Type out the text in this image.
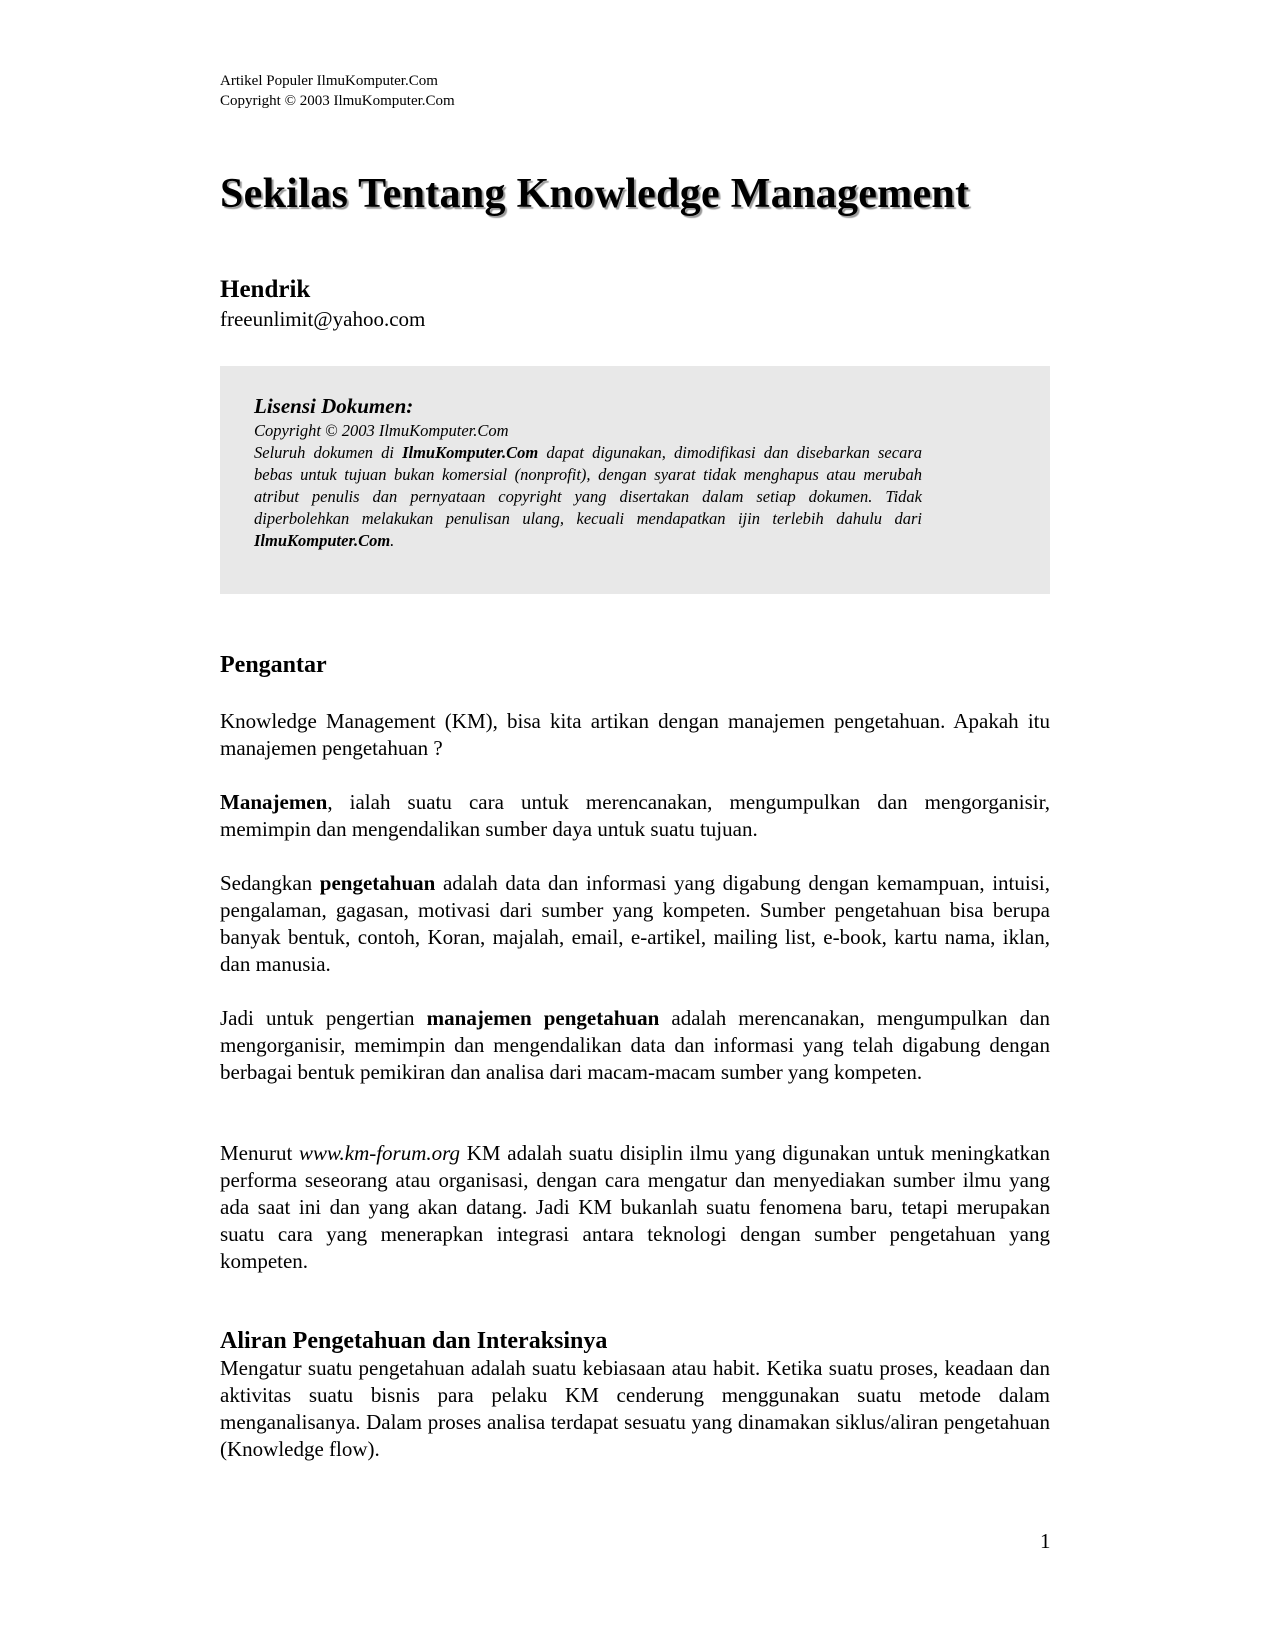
Artikel Populer IlmuKomputer.Com
Copyright © 2003 IlmuKomputer.Com
Sekilas Tentang Knowledge Management
Hendrik
freeunlimit@yahoo.com
Lisensi Dokumen:
Copyright © 2003 IlmuKomputer.Com
Seluruh dokumen di IlmuKomputer.Com dapat digunakan, dimodifikasi dan disebarkan secara bebas untuk tujuan bukan komersial (nonprofit), dengan syarat tidak menghapus atau merubah atribut penulis dan pernyataan copyright yang disertakan dalam setiap dokumen. Tidak diperbolehkan melakukan penulisan ulang, kecuali mendapatkan ijin terlebih dahulu dari IlmuKomputer.Com.
Pengantar

Knowledge Management (KM), bisa kita artikan dengan manajemen pengetahuan. Apakah itu manajemen pengetahuan ?

Manajemen, ialah suatu cara untuk merencanakan, mengumpulkan dan mengorganisir, memimpin dan mengendalikan sumber daya untuk suatu tujuan.

Sedangkan pengetahuan adalah data dan informasi yang digabung dengan kemampuan, intuisi, pengalaman, gagasan, motivasi dari sumber yang kompeten. Sumber pengetahuan bisa berupa banyak bentuk, contoh, Koran, majalah, email, e-artikel, mailing list, e-book, kartu nama, iklan, dan manusia.

Jadi untuk pengertian manajemen pengetahuan adalah merencanakan, mengumpulkan dan mengorganisir, memimpin dan mengendalikan data dan informasi yang telah digabung dengan berbagai bentuk pemikiran dan analisa dari macam-macam sumber yang kompeten.

Menurut www.km-forum.org KM adalah suatu disiplin ilmu yang digunakan untuk meningkatkan performa seseorang atau organisasi, dengan cara mengatur dan menyediakan sumber ilmu yang ada saat ini dan yang akan datang. Jadi KM bukanlah suatu fenomena baru, tetapi merupakan suatu cara yang menerapkan integrasi antara teknologi dengan sumber pengetahuan yang kompeten.

Aliran Pengetahuan dan Interaksinya

Mengatur suatu pengetahuan adalah suatu kebiasaan atau habit. Ketika suatu proses, keadaan dan aktivitas suatu bisnis para pelaku KM cenderung menggunakan suatu metode dalam menganalisanya. Dalam proses analisa terdapat sesuatu yang dinamakan siklus/aliran pengetahuan (Knowledge flow).

1
